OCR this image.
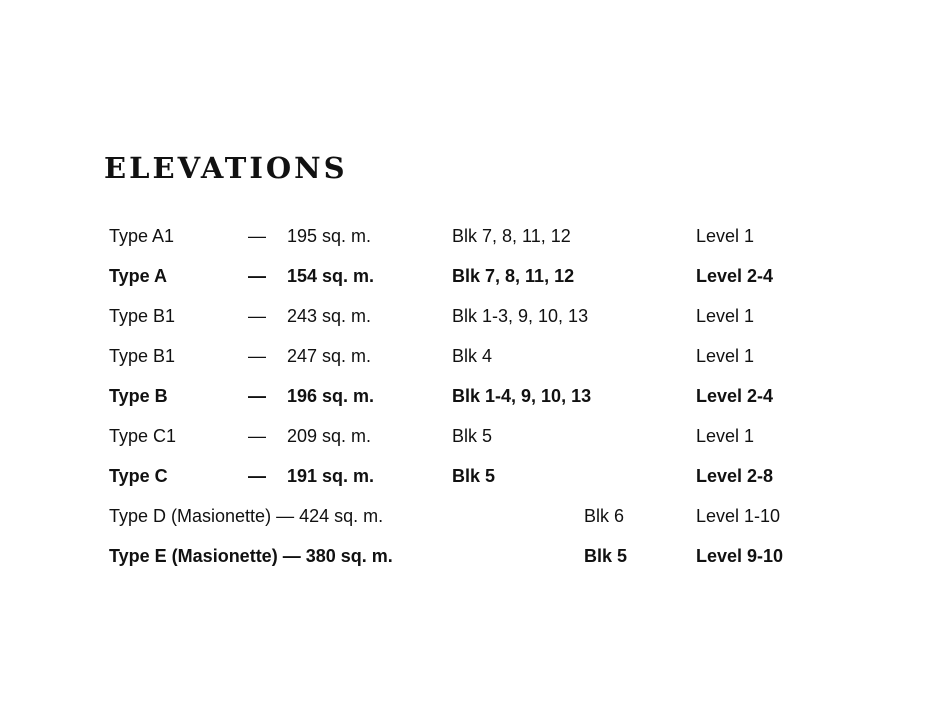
ELEVATIONS
Type A1	— 195 sq. m.	Blk 7, 8, 11, 12	Level 1
Type A	— 154 sq. m.	Blk 7, 8, 11, 12	Level 2-4
Type B1	— 243 sq. m.	Blk 1-3, 9, 10, 13	Level 1
Type B1	— 247 sq. m.	Blk 4	Level 1
Type B	— 196 sq. m.	Blk 1-4, 9, 10, 13	Level 2-4
Type C1	— 209 sq. m.	Blk 5	Level 1
Type C	— 191 sq. m.	Blk 5	Level 2-8
Type D (Masionette) — 424 sq. m.	Blk 6	Level 1-10
Type E (Masionette) — 380 sq. m.	Blk 5	Level 9-10
